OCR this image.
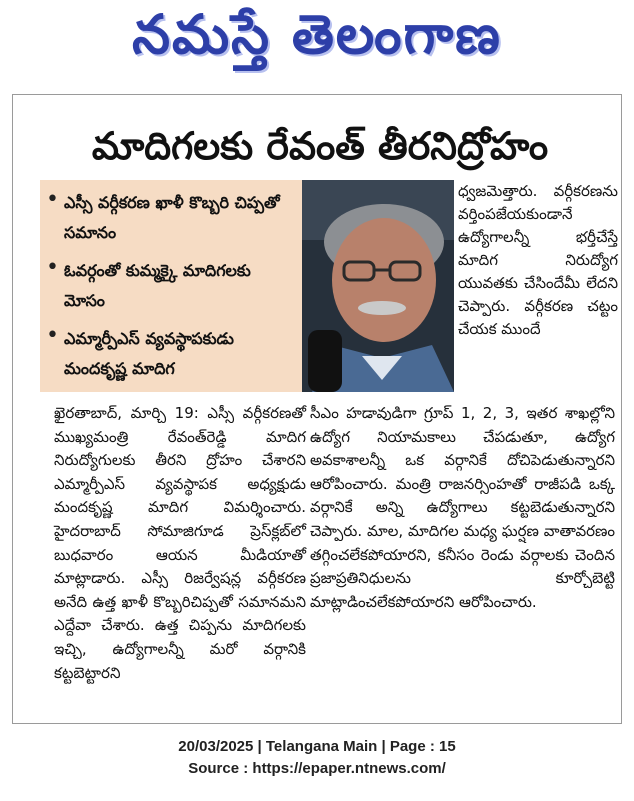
నమస్తే తెలంగాణ
మాదిగలకు రేవంత్ తీరనిద్రోహం
• ఎస్సీ వర్గీకరణ ఖాళీ కొబ్బరి చిప్పతో సమానం
• ఓవర్గంతో కుమ్మక్కై మాదిగలకు మోసం
• ఎమ్మార్పీఎస్ వ్యవస్థాపకుడు మందకృష్ణ మాదిగ
ధ్వజమెత్తారు. వర్గీకరణను వర్తింపజేయకుండానే ఉద్యోగాలన్నీ భర్తీచేస్తే మాదిగ నిరుద్యోగ యువతకు చేసిందేమీ లేదని చెప్పారు. వర్గీకరణ చట్టం చేయక ముందే
ఖైరతాబాద్, మార్చి 19: ఎస్సీ వర్గీకరణతో ముఖ్యమంత్రి రేవంత్‌రెడ్డి మాదిగ నిరుద్యోగులకు తీరని ద్రోహం చేశారని ఎమ్మార్పీఎస్ వ్యవస్థాపక అధ్యక్షుడు మందకృష్ణ మాదిగ విమర్శించారు. హైదరాబాద్ సోమాజిగూడ ప్రెస్‌క్లబ్‌లో బుధవారం ఆయన మీడియాతో మాట్లాడారు. ఎస్సీ రిజర్వేషన్ల వర్గీకరణ అనేది ఉత్త ఖాళీ కొబ్బరిచిప్పతో సమానమని ఎద్దేవా చేశారు. ఉత్త చిప్పను మాదిగలకు ఇచ్చి, ఉద్యోగాలన్నీ మరో వర్గానికి కట్టబెట్టారని
సీఎం హడావుడిగా గ్రూప్ 1, 2, 3, ఇతర శాఖల్లోని ఉద్యోగ నియామకాలు చేపడుతూ, ఉద్యోగ అవకాశాలన్నీ ఒక వర్గానికే దోచిపెడుతున్నారని ఆరోపించారు. మంత్రి రాజనర్సింహతో రాజీపడి ఒక్క వర్గానికే అన్ని ఉద్యోగాలు కట్టబెడుతున్నారని చెప్పారు. మాల, మాదిగల మధ్య ఘర్షణ వాతావరణం తగ్గించలేకపోయారని, కనీసం రెండు వర్గాలకు చెందిన ప్రజాప్రతినిధులను కూర్చోబెట్టి మాట్లాడించలేకపోయారని ఆరోపించారు.
20/03/2025 | Telangana Main | Page : 15
Source : https://epaper.ntnews.com/
